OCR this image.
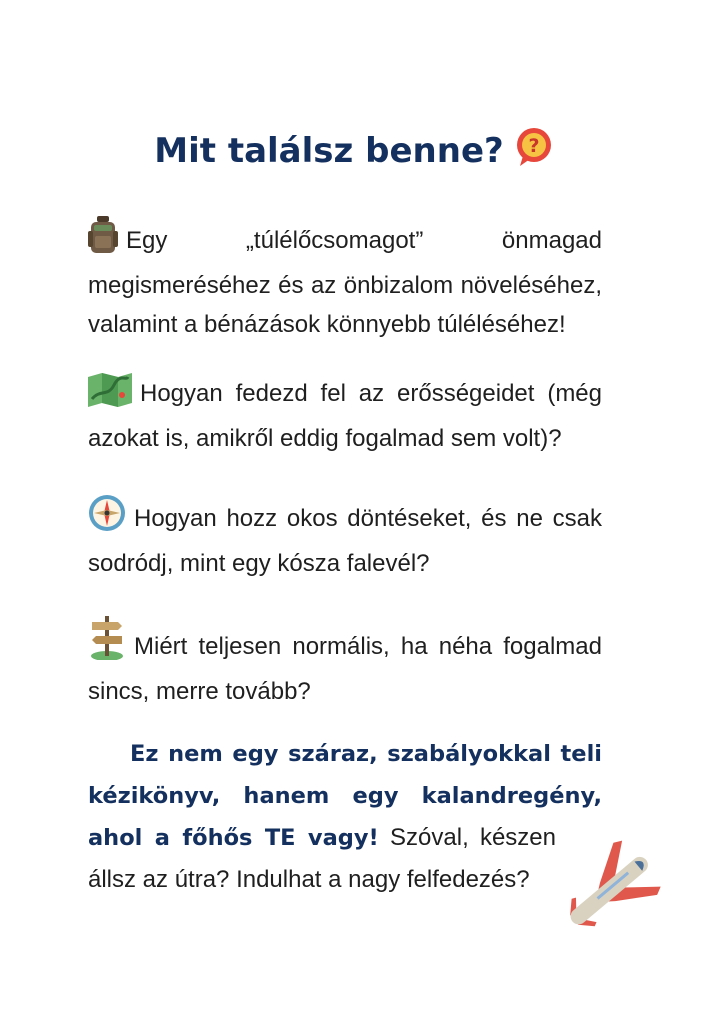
Mit találsz benne? ?
Egy „túlélőcsomagot” önmagad megismeréséhez és az önbizalom növeléséhez, valamint a bénázások könnyebb túléléséhez!
Hogyan fedezd fel az erősségeidet (még azokat is, amikről eddig fogalmad sem volt)?
Hogyan hozz okos döntéseket, és ne csak sodródj, mint egy kósza falevél?
Miért teljesen normális, ha néha fogalmad sincs, merre tovább?
Ez nem egy száraz, szabályokkal teli
kézikönyv, hanem egy kalandregény,
ahol a főhős TE vagy! Szóval, készen
állsz az útra? Indulhat a nagy felfedezés?
